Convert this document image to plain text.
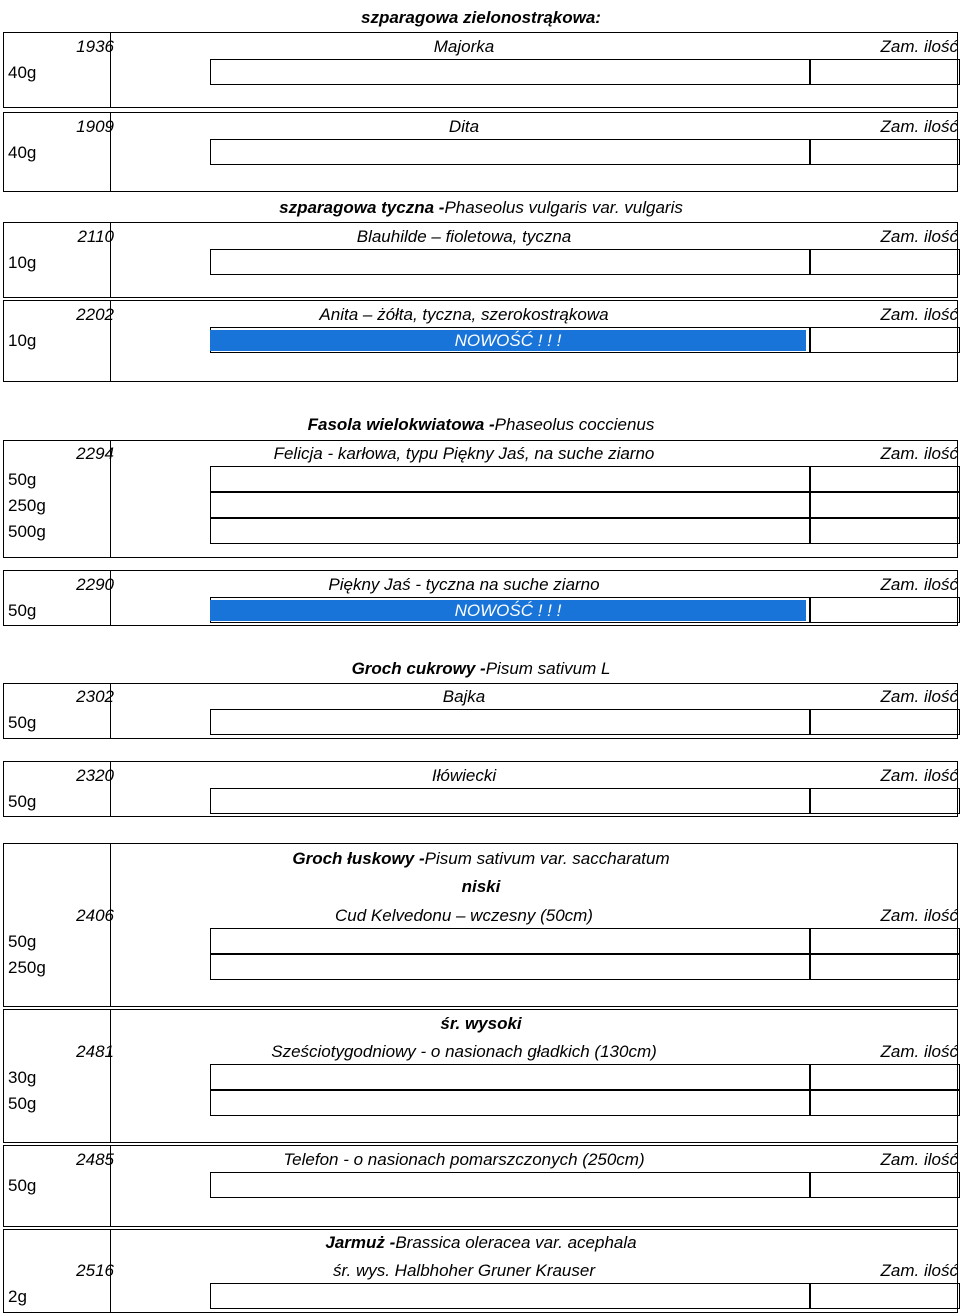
szparagowa zielonostrąkowa:
1936	Majorka	Zam. ilość
40g
1909	Dita	Zam. ilość
40g
szparagowa tyczna - Phaseolus vulgaris var. vulgaris
2110	Blauhilde – fioletowa, tyczna	Zam. ilość
10g
2202	Anita – żółta, tyczna, szerokostrąkowa	Zam. ilość
10g	NOWOŚĆ ! ! !
Fasola wielokwiatowa - Phaseolus coccienus
2294	Felicja - karłowa, typu Piękny Jaś, na suche ziarno	Zam. ilość
50g
250g
500g
2290	Piękny Jaś - tyczna na suche ziarno	Zam. ilość
50g	NOWOŚĆ ! ! !
Groch cukrowy - Pisum sativum L
2302	Bajka	Zam. ilość
50g
2320	Iłówiecki	Zam. ilość
50g
Groch łuskowy - Pisum sativum var. saccharatum
niski
2406	Cud Kelvedonu – wczesny (50cm)	Zam. ilość
50g
250g
śr. wysoki
2481	Sześciotygodniowy - o nasionach gładkich (130cm)	Zam. ilość
30g
50g
2485	Telefon - o nasionach pomarszczonych (250cm)	Zam. ilość
50g
Jarmuż - Brassica oleracea var. acephala
2516	śr. wys. Halbhoher Gruner Krauser	Zam. ilość
2g
